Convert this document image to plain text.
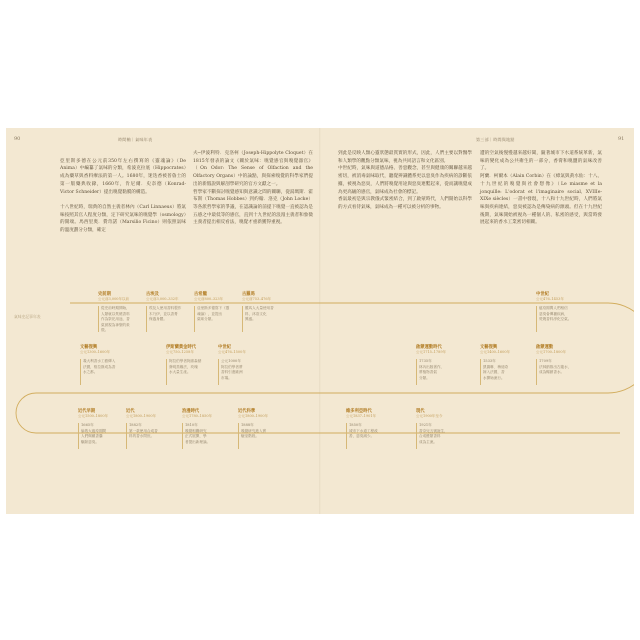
90	時間軸｜氣味年表

亞里斯多德在公元前350年左右撰寫的《靈魂論》（De Anima）中編纂了氣味的分類，希波克拉底（Hippocrates）成為藥草與香料療法的第一人。1680年，迷迭香被普魯士的第一版藥典收錄，1660年，肯尼爾．史奈德（Konrad-Victor Schneider）提出嗅覺黏膜的構造。

十八世紀時，瑞典的自然主義者林內（Carl Linnaeus）將氣味按照其官人程度分類，定下研究氣味的嗅覺學（osmology）的開端。馬西里奧．費奇諾（Marsilio Ficino）則依照氣味的溫度劃分分類，確定

夫─伊波利特．克洛柯（Joseph-Hippolyte Cloquet）在1815年發表的論文《關於氣味：嗅覺感官與嗅覺器官》（On Odor: The Sense of Olfaction and the Olfactory Organs）中的論點，與探索嗅覺的科學家們提出的新假說與解剖學研究的官方文獻之一。
哲學家不斷探討嗅覺感知與意識之間的關聯，從湯瑪斯．霍布斯（Thomas Hobbes）到約翰．洛克（John Locke）等各派哲學家的爭議，在認識論的前提下嗅覺一直被認為是五感之中最低等的感官，直到十九世紀的浪漫主義者和象徵主義者提出相反看法，嗅覺才重新獲得重視。
第三部｜時間與地點	91
到此是反映人類心靈狀態最貫實的形式，因此，人們主要以對醫學和人類學的觀點分類氣味，視為共同語言和文化區別。
中世紀時，氣味與道德品格、善惡觀念，甚至與健康的關聯越來越密切，被消毒氣味取代，聽覺辨識體系更以惡臭作為疾病的診斷依據，被視為惡臭，人們將嗅覺用途與惡臭連繫起來，從而讓嗅覺成為更高級的感官，氣味成為社會的標記。
香氣最初是與宗教儀式緊密結合，到了啟蒙時代，人們開始以科學的方式看待氣味，氣味成為一種可以被分析的事物。
遭的空氣後慢慢越來越好聞，隨著城市下水道系統革新，氣味的變化成為公共衛生的一部分，香膏和嗅鹽的氣味改善了。
阿蘭．柯爾本（Alain Corbin）在《瘴氣與黃水仙：十八、十九世紀的嗅覺與社會想像》（Le miasme et la jonquille: L'odorat et l'imaginaire social, XVIIIe-XIXe siècles）一書中發現，十八和十九世紀時，人們將氣味與疾病連結，惡臭被認為是傳染病的源頭。但在十九世紀後期，氣味開始被視為一種個人的、私密的感受，與當時發展起來的香水工業密切相關。
氣味史記事年表
史前期
公元前3,000年以前
從史前時期開始，
人類就以焚燒香料
作為祭祀用途，香
氣被視為神聖的象
徵。
古埃及
公元前3,000–332年
埃及人使用香料製作
木乃伊，並以香膏
保養身體。
古希臘
公元前800–323年
亞里斯多德寫下《靈
魂論》，並提出
氣味分類。
古羅馬
公元前753–476年
羅馬人大量使用香
料，沐浴文化
興盛。
中世紀
公元476–1453年
瘟疫期間人們相信
惡臭會傳播疾病，
焚燒香料淨化空氣。
文藝復興
公元1300–1600年
義大利香水工藝傳入
法國，格拉斯成為香
水之都。
伊斯蘭黃金時代
公元750–1258年
阿拉伯學者阿維森納
發明蒸餾法，玫瑰
水大量生產。
中世紀
公元476–1500年
公元1000年
阿拉伯學者將
香料引進歐洲
市場。
啟蒙運動時代
公元1715–1789年
1735年
林內出版著作，
將植物香氣
分類。
文藝復興
公元1400–1600年
1533年
凱薩琳．梅迪奇
嫁入法國，香
水開始流行。
啟蒙運動
公元1700–1800年
1709年
法林納推出古龍水，
成為暢銷香水。
近代早期
公元1500–1800年
1665年
倫敦大瘟疫期間
人們佩戴香囊
驅除惡臭。
近代
公元1800–1900年
1882年
第一款使用合成香
料的香水問世。
浪漫時代
公元1780–1850年
1810年
嗅覺相關研究
正式展開，學
者提出新理論。
近代科學
公元1800–1900年
1888年
嗅覺研究進入實
驗室階段。
維多利亞時代
公元1837–1901年
1850年
城市下水道工程改
善，惡臭減少。
現代
公元1900年至今
1921年
香奈兒五號誕生，
合成醛類香料
成為主流。
